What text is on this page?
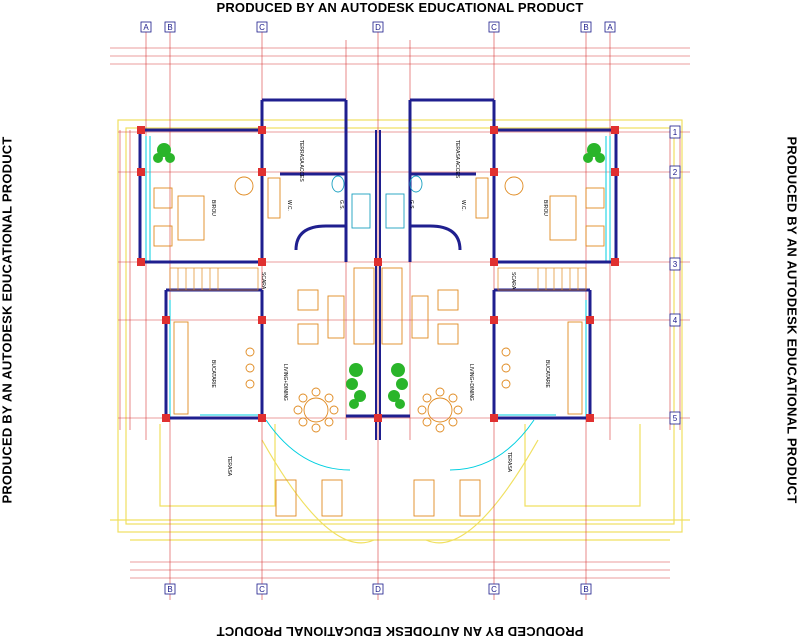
PRODUCED BY AN AUTODESK EDUCATIONAL PRODUCT
PRODUCED BY AN AUTODESK EDUCATIONAL PRODUCT
PRODUCED BY AN AUTODESK EDUCATIONAL PRODUCT	PRODUCED BY AN AUTODESK EDUCATIONAL PRODUCT
A B	C	D	C	B A
B	C	D	C	B
1
2
3
4
5
TERRASA ACCES
BIROU	W.C.	G.S.
SCARA
BUCATARIE	LIVING+DINING
TERASA
TERASA ACCES
BIROU
W.C.
G.S.
SCARA
BUCATARIE
LIVING+DINING
TERASA
